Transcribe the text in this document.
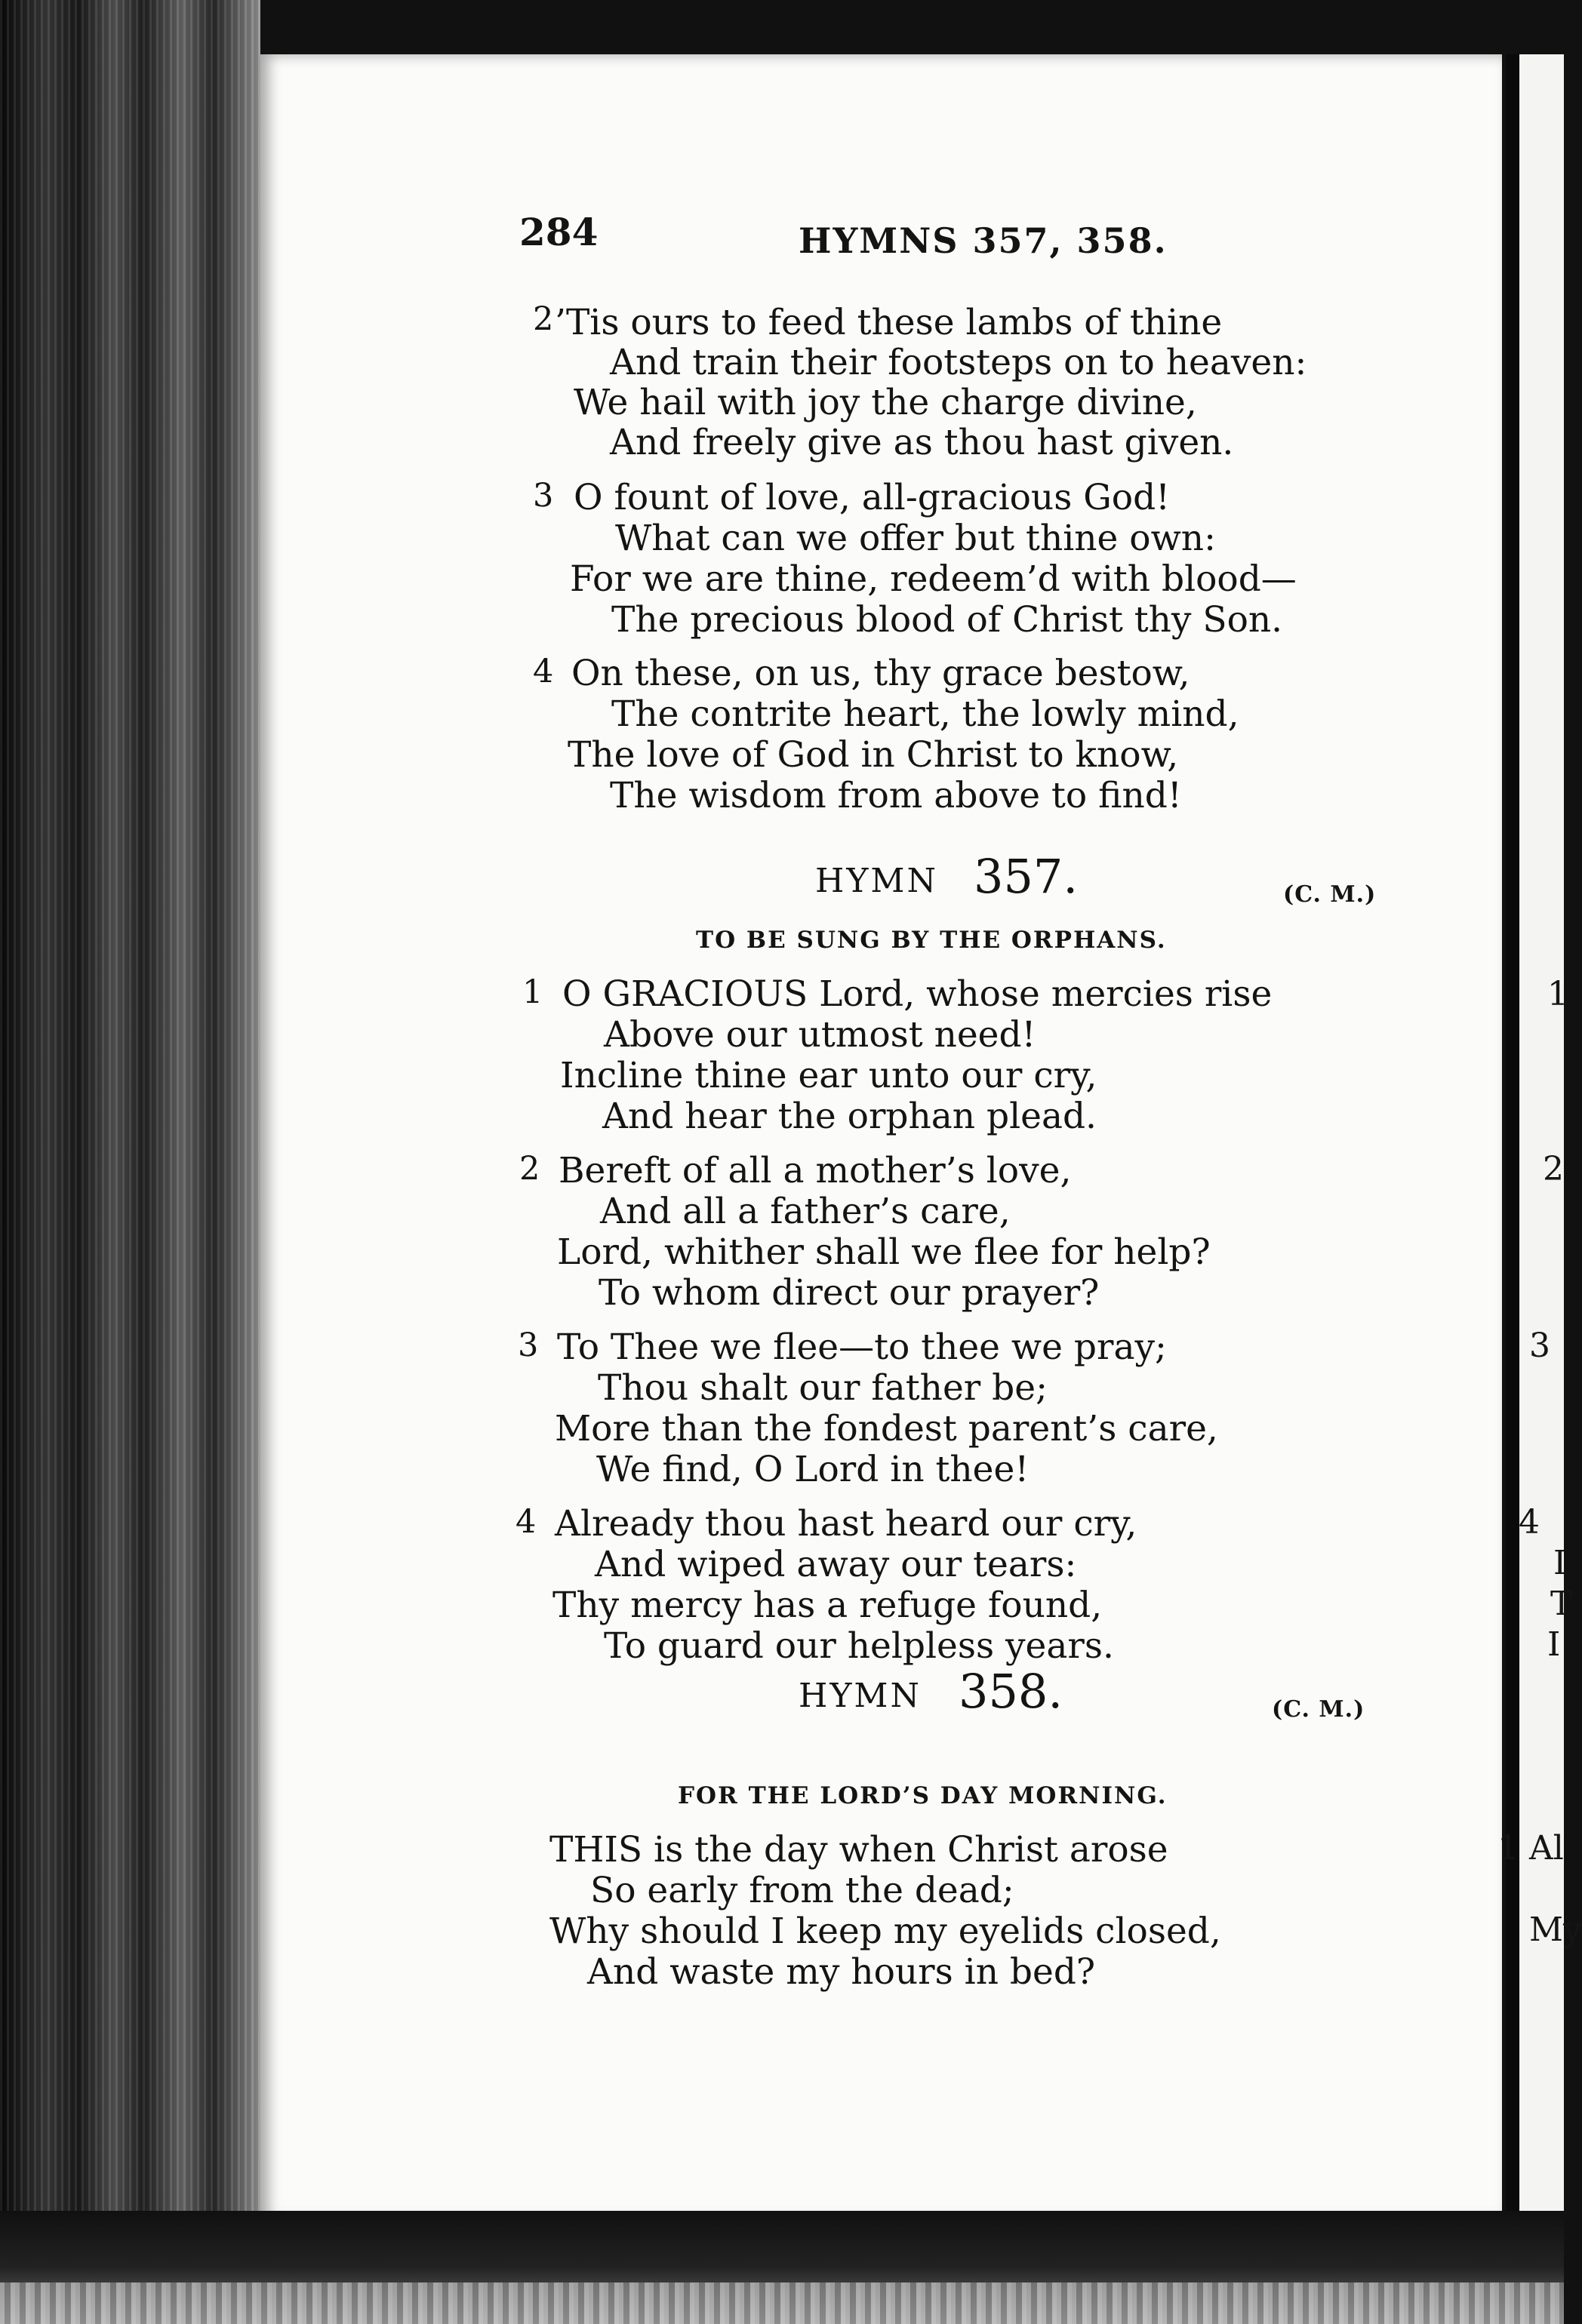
284	HYMNS 357, 358.
2 ’Tis ours to feed these lambs of thine
And train their footsteps on to heaven:
We hail with joy the charge divine,
And freely give as thou hast given.
3 O fount of love, all-gracious God!
What can we offer but thine own:
For we are thine, redeem’d with blood—
The precious blood of Christ thy Son.
4 On these, on us, thy grace bestow,
The contrite heart, the lowly mind,
The love of God in Christ to know,
The wisdom from above to find!
HYMN 357.	(C. M.)
TO BE SUNG BY THE ORPHANS.
1 O GRACIOUS Lord, whose mercies rise
Above our utmost need!
Incline thine ear unto our cry,
And hear the orphan plead.
2 Bereft of all a mother’s love,
And all a father’s care,
Lord, whither shall we flee for help?
To whom direct our prayer?
3 To Thee we flee—to thee we pray;
Thou shalt our father be;
More than the fondest parent’s care,
We find, O Lord in thee!
4 Already thou hast heard our cry,
And wiped away our tears:
Thy mercy has a refuge found,
To guard our helpless years.
HYMN 358.	(C. M.)
FOR THE LORD’S DAY MORNING.
THIS is the day when Christ arose
So early from the dead;
Why should I keep my eyelids closed,
And waste my hours in bed?
1
2
3
4
I
T
I
1 Al
My
